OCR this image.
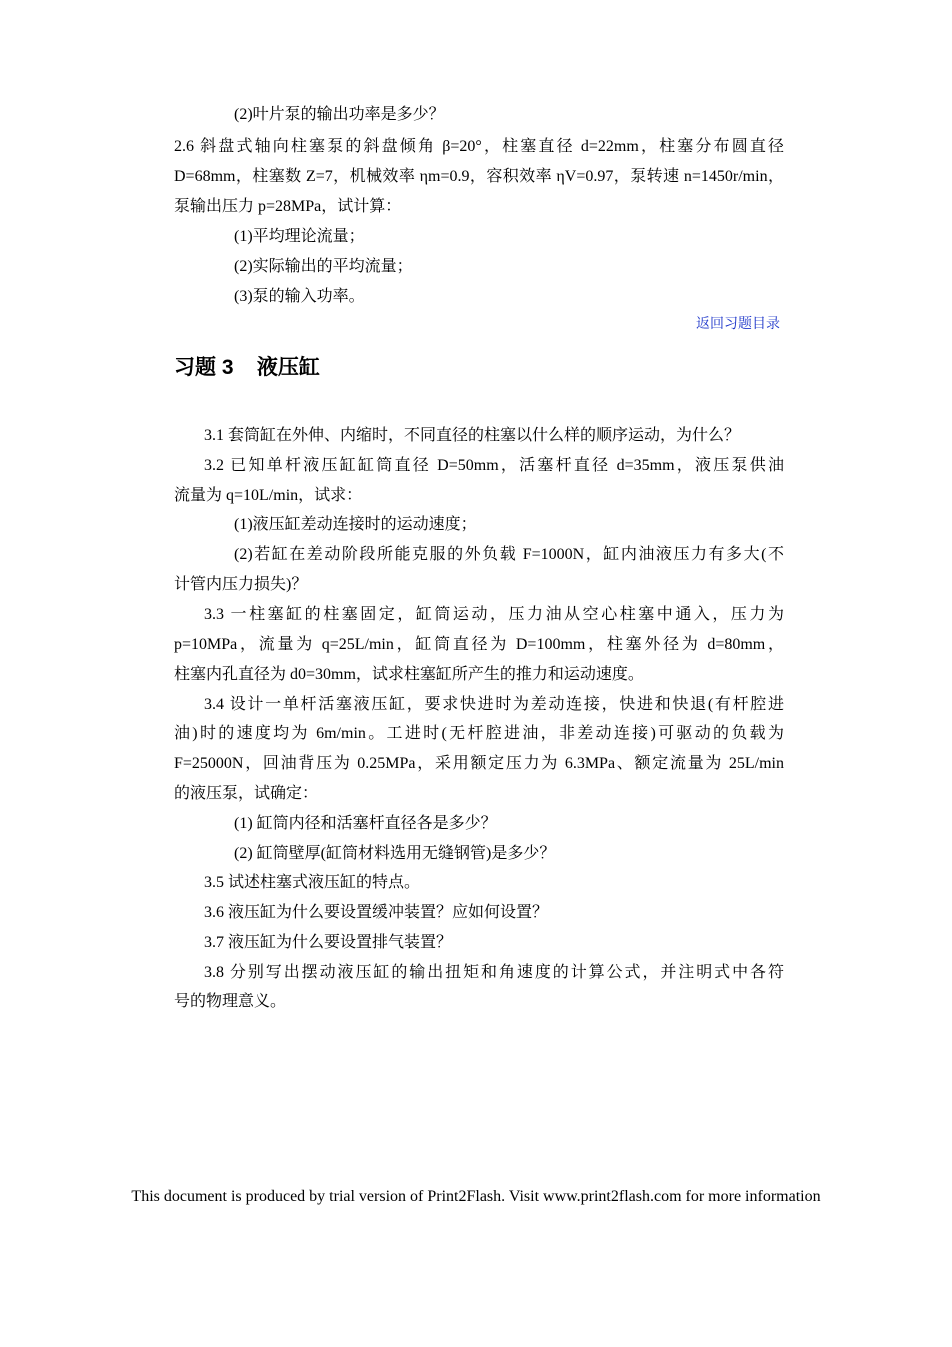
(2)叶片泵的输出功率是多少？
2.6 斜盘式轴向柱塞泵的斜盘倾角 β=20°，柱塞直径 d=22mm，柱塞分布圆直径
D=68mm，柱塞数 Z=7，机械效率 ηm=0.9，容积效率 ηV=0.97，泵转速 n=1450r/min，
泵输出压力 p=28MPa，试计算：
(1)平均理论流量；
(2)实际输出的平均流量；
(3)泵的输入功率。
返回习题目录
习题 3    液压缸
3.1 套筒缸在外伸、内缩时，不同直径的柱塞以什么样的顺序运动，为什么？
3.2 已知单杆液压缸缸筒直径 D=50mm，活塞杆直径 d=35mm，液压泵供油
流量为 q=10L/min，试求：
(1)液压缸差动连接时的运动速度；
(2)若缸在差动阶段所能克服的外负载 F=1000N，缸内油液压力有多大(不
计管内压力损失)？
3.3 一柱塞缸的柱塞固定，缸筒运动，压力油从空心柱塞中通入，压力为
p=10MPa，流量为 q=25L/min，缸筒直径为 D=100mm，柱塞外径为 d=80mm，
柱塞内孔直径为 d0=30mm，试求柱塞缸所产生的推力和运动速度。
3.4 设计一单杆活塞液压缸，要求快进时为差动连接，快进和快退(有杆腔进
油)时的速度均为 6m/min。工进时(无杆腔进油，非差动连接)可驱动的负载为
F=25000N，回油背压为 0.25MPa，采用额定压力为 6.3MPa、额定流量为 25L/min
的液压泵，试确定：
(1) 缸筒内径和活塞杆直径各是多少？
(2) 缸筒壁厚(缸筒材料选用无缝钢管)是多少？
3.5 试述柱塞式液压缸的特点。
3.6 液压缸为什么要设置缓冲装置？应如何设置？
3.7 液压缸为什么要设置排气装置？
3.8 分别写出摆动液压缸的输出扭矩和角速度的计算公式，并注明式中各符
号的物理意义。
This document is produced by trial version of Print2Flash. Visit www.print2flash.com for more information
